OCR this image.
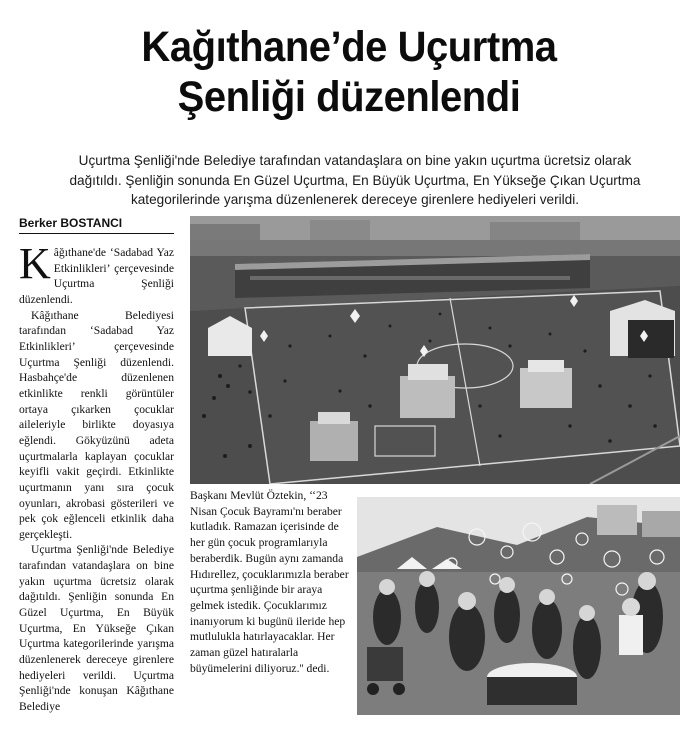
Kağıthane’de Uçurtma
Şenliği düzenlendi
Uçurtma Şenliği'nde Belediye tarafından vatandaşlara on bine yakın uçurtma ücretsiz olarak dağıtıldı. Şenliğin sonunda En Güzel Uçurtma, En Büyük Uçurtma, En Yükseğe Çıkan Uçurtma kategorilerinde yarışma düzenlenerek dereceye girenlere hediyeleri verildi.
Berker BOSTANCI

Kâğıthane'de ‘Sadabad Yaz Etkinlikleri’ çerçevesinde Uçurtma Şenliği düzenlendi.

Kâğıthane Belediyesi tarafından ‘Sadabad Yaz Etkinlikleri’ çerçevesinde Uçurtma Şenliği düzenlendi. Hasbahçe'de düzenlenen etkinlikte renkli görüntüler ortaya çıkarken çocuklar aileleriyle birlikte doyasıya eğlendi. Gökyüzünü adeta uçurtmalarla kaplayan çocuklar keyifli vakit geçirdi. Etkinlikte uçurtmanın yanı sıra çocuk oyunları, akrobasi gösterileri ve pek çok eğlenceli etkinlik daha gerçekleşti.

Uçurtma Şenliği'nde Belediye tarafından vatandaşlara on bine yakın uçurtma ücretsiz olarak dağıtıldı. Şenliğin sonunda En Güzel Uçurtma, En Büyük Uçurtma, En Yükseğe Çıkan Uçurtma kategorilerinde yarışma düzenlenerek dereceye girenlere hediyeleri verildi. Uçurtma Şenliği'nde konuşan Kâğıthane Belediye

Başkanı Mevlüt Öztekin, ‘‘23 Nisan Çocuk Bayramı'nı beraber kutladık. Ramazan içerisinde de her gün çocuk programlarıyla beraberdik. Bugün aynı zamanda Hıdırellez, çocuklarımızla beraber uçurtma şenliğinde bir araya gelmek istedik. Çocuklarımız inanıyorum ki bugünü ileride hep mutlulukla hatırlayacaklar. Her zaman güzel hatıralarla büyümelerini diliyoruz.'' dedi.
